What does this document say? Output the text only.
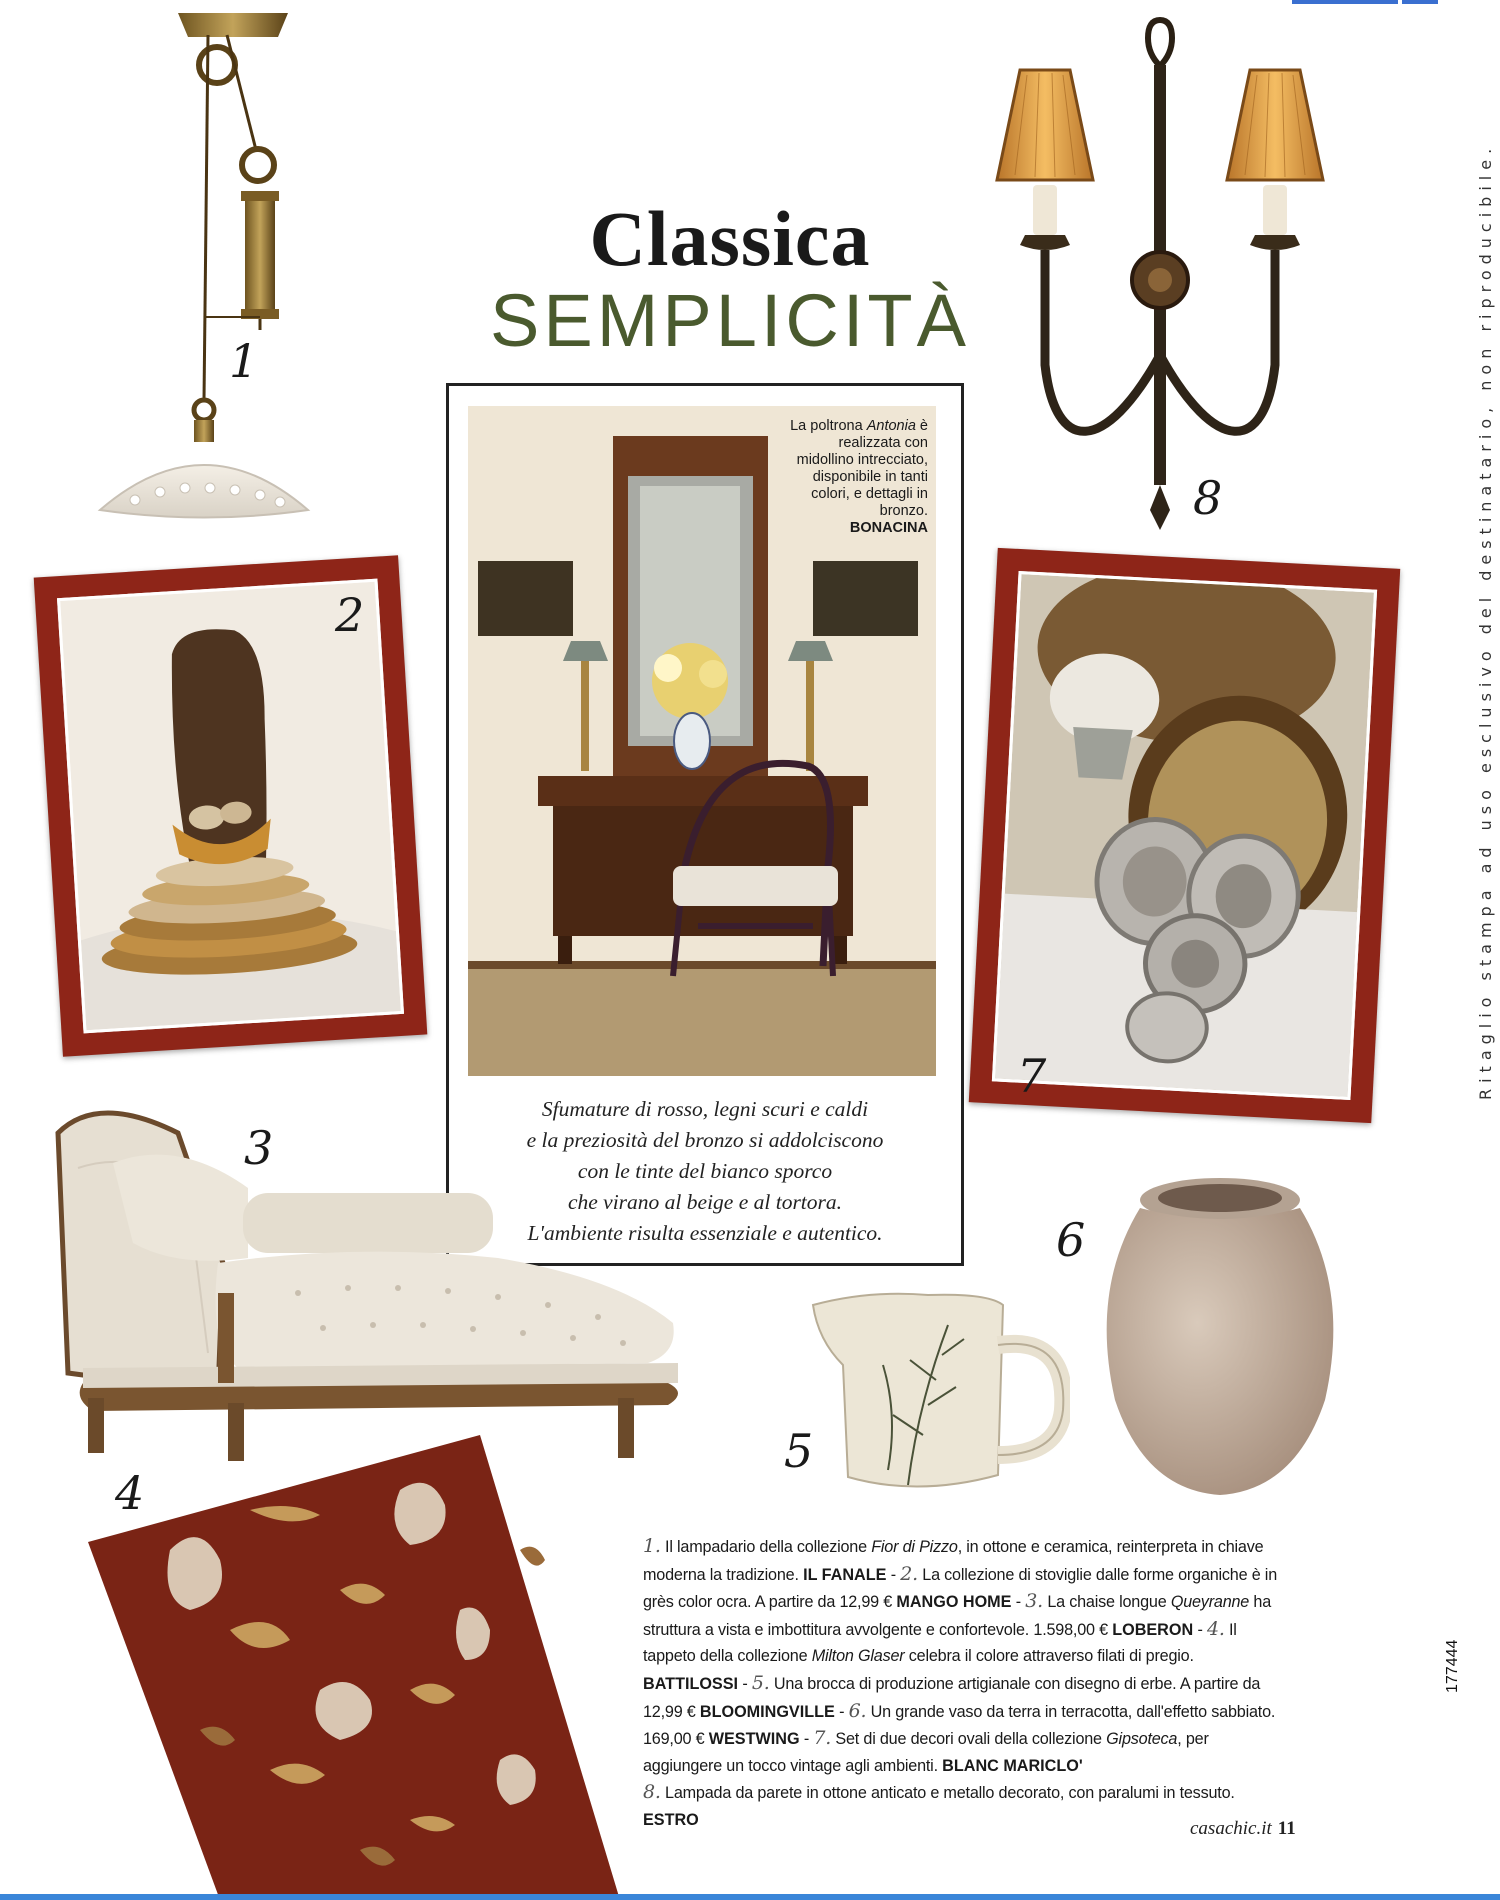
1
Classica
SEMPLICITÀ
8
2
La poltrona Antonia è realizzata con midollino intrecciato, disponibile in tanti colori, e dettagli in bronzo.
BONACINA
Sfumature di rosso, legni scuri e caldi
e la preziosità del bronzo si addolciscono
con le tinte del bianco sporco
che virano al beige e al tortora.
L'ambiente risulta essenziale e autentico.
7
3
6
5
4
1. Il lampadario della collezione Fior di Pizzo, in ottone e ceramica, reinterpreta in chiave moderna la tradizione. IL FANALE - 2. La collezione di stoviglie dalle forme organiche è in grès color ocra. A partire da 12,99 € MANGO HOME - 3. La chaise longue Queyranne ha struttura a vista e imbottitura avvolgente e confortevole. 1.598,00 € LOBERON - 4. Il tappeto della collezione Milton Glaser celebra il colore attraverso filati di pregio. BATTILOSSI - 5. Una brocca di produzione artigianale con disegno di erbe. A partire da 12,99 € BLOOMINGVILLE - 6. Un grande vaso da terra in terracotta, dall'effetto sabbiato. 169,00 € WESTWING - 7. Set di due decori ovali della collezione Gipsoteca, per aggiungere un tocco vintage agli ambienti. BLANC MARICLO'
8. Lampada da parete in ottone anticato e metallo decorato, con paralumi in tessuto. ESTRO	casachic.it 11
Ritaglio stampa ad uso esclusivo del destinatario, non riproducibile.
177444
